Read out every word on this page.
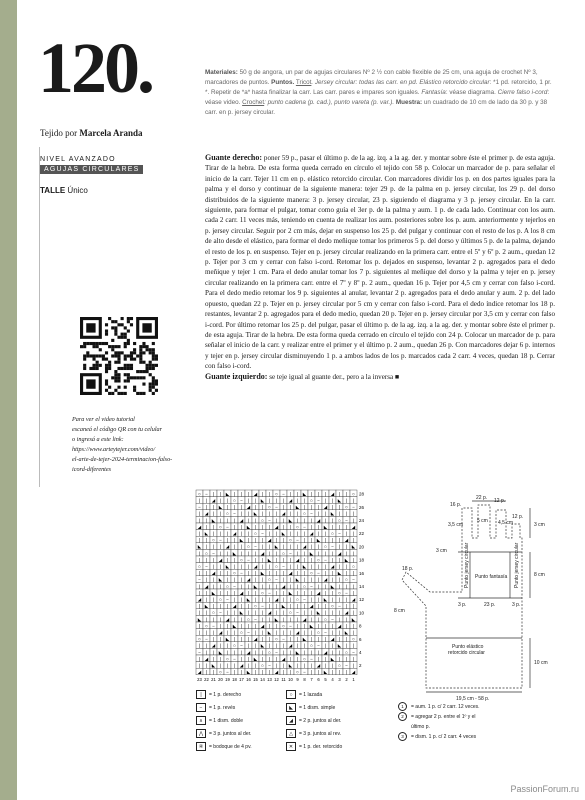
120.
Tejido por Marcela Aranda
NIVEL AVANZADO
AGUJAS CIRCULARES
TALLE Único
Materiales: 50 g de angora, un par de agujas circulares Nº 2 ½ con cable flexible de 25 cm, una aguja de crochet Nº 3, marcadores de puntos. Puntos. Tricot. Jersey circular: todas las carr. en pd. Elástico retorcido circular: *1 pd. retorcido, 1 pr. *. Repetir de *a* hasta finalizar la carr. Las carr. pares e impares son iguales. Fantasía: véase diagrama. Cierre falso i-cord: véase video. Crochet: punto cadena (p. cad.), punto vareta (p. var.). Muestra: un cuadrado de 10 cm de lado da 30 p. y 38 carr. en p. jersey circular.
Para ver el video tutorial
escaneá el código QR con tu celular
o ingresá a este link:
https://www.arteytejer.com/video/
el-arte-de-tejer-2024-terminacion-falso-
icord-diferentes
Guante derecho: poner 59 p., pasar el último p. de la ag. izq. a la ag. der. y montar sobre éste el primer p. de esta aguja. Tirar de la hebra. De esta forma queda cerrado en círculo el tejido con 58 p. Colocar un marcador de p. para señalar el inicio de la carr. Tejer 11 cm en p. elástico retorcido circular. Con marcadores dividir los p. en dos partes iguales para la palma y el dorso y continuar de la siguiente manera: tejer 29 p. de la palma en p. jersey circular, los 29 p. del dorso distribuidos de la siguiente manera: 3 p. jersey circular, 23 p. siguiendo el diagrama y 3 p. jersey circular. En la carr. siguiente, para formar el pulgar, tomar como guía el 3er p. de la palma y aum. 1 p. de cada lado. Continuar con los aum. cada 2 carr. 11 veces más, teniendo en cuenta de realizar los aum. posteriores sobre los p. aum. anteriormente y tejerlos en p. jersey circular. Seguir por 2 cm más, dejar en suspenso los 25 p. del pulgar y continuar con el resto de los p. A los 8 cm de alto desde el elástico, para formar el dedo meñique tomar los primeros 5 p. del dorso y últimos 5 p. de la palma, dejando el resto de los p. en suspenso. Tejer en p. jersey circular realizando en la primera carr. entre el 5º y 6º p. 2 aum., quedan 12 p. Tejer por 3 cm y cerrar con falso i-cord. Retomar los p. dejados en suspenso, levantar 2 p. agregados para el dedo meñique y tejer 1 cm. Para el dedo anular tomar los 7 p. siguientes al meñique del dorso y la palma y tejer en p. jersey circular realizando en la primera carr. entre el 7º y 8º p. 2 aum., quedan 16 p. Tejer por 4,5 cm y cerrar con falso i-cord. Para el dedo medio retomar los 9 p. siguientes al anular, levantar 2 p. agregados para el dedo anular y aum. 2 p. del lado opuesto, quedan 22 p. Tejer en p. jersey circular por 5 cm y cerrar con falso i-cord. Para el dedo índice retomar los 18 p. restantes, levantar 2 p. agregados para el dedo medio, quedan 20 p. Tejer en p. jersey circular por 3,5 cm y cerrar con falso i-cord. Por último retomar los 25 p. del pulgar, pasar el último p. de la ag. izq. a la ag. der. y montar sobre éste el primer p. de esta aguja. Tirar de la hebra. De esta forma queda cerrado en círculo el tejido con 24 p. Colocar un marcador de p. para señalar el inicio de la carr. y realizar entre el primer y el último p. 2 aum., quedan 26 p. Con marcadores dejar 6 p. internos y tejer en p. jersey circular disminuyendo 1 p. a ambos lados de los p. marcados cada 2 carr. 4 veces, quedan 18 p. Cerrar con falso i-cord.
Guante izquierdo: se teje igual al guante der., pero a la inversa ■
○ − | | ◣ | | | ◢ | | ○ − | | ◣ | | | ◢ | | ○
| | ◢ | | ○ − | | ◣ | | | ◢ | | ○ − | | ◣ | |
− | | ◣ | | | ◢ | | ○ − | | ◣ | | | ◢ | | ○ −
| ◢ | | ○ − | | ◣ | | | ◢ | | ○ − | | ◣ | | |
| | ◣ | | | ◢ | | ○ − | | ◣ | | | ◢ | | ○ − |
◢ | | ○ − | | ◣ | | | ◢ | | ○ − | | ◣ | | | ◢
| ◣ | | | ◢ | | ○ − | | ◣ | | | ◢ | | ○ − | |
| | ○ − | | ◣ | | | ◢ | | ○ − | | ◣ | | | ◢ |
◣ | | | ◢ | | ○ − | | ◣ | | | ◢ | | ○ − | | ◣
| ○ − | | ◣ | | | ◢ | | ○ − | | ◣ | | | ◢ | |
| | | ◢ | | ○ − | | ◣ | | | ◢ | | ○ − | | ◣ |
○ − | | ◣ | | | ◢ | | ○ − | | ◣ | | | ◢ | | ○
| | ◢ | | ○ − | | ◣ | | | ◢ | | ○ − | | ◣ | |
− | | ◣ | | | ◢ | | ○ − | | ◣ | | | ◢ | | ○ −
| ◢ | | ○ − | | ◣ | | | ◢ | | ○ − | | ◣ | | |
| | ◣ | | | ◢ | | ○ − | | ◣ | | | ◢ | | ○ − |
◢ | | ○ − | | ◣ | | | ◢ | | ○ − | | ◣ | | | ◢
| ◣ | | | ◢ | | ○ − | | ◣ | | | ◢ | | ○ − | |
| | ○ − | | ◣ | | | ◢ | | ○ − | | ◣ | | | ◢ |
◣ | | | ◢ | | ○ − | | ◣ | | | ◢ | | ○ − | | ◣
| ○ − | | ◣ | | | ◢ | | ○ − | | ◣ | | | ◢ | |
| | | ◢ | | ○ − | | ◣ | | | ◢ | | ○ − | | ◣ |
○ − | | ◣ | | | ◢ | | ○ − | | ◣ | | | ◢ | | ○
| | ◢ | | ○ − | | ◣ | | | ◢ | | ○ − | | ◣ | |
− | | ◣ | | | ◢ | | ○ − | | ◣ | | | ◢ | | ○ −
| ◢ | | ○ − | | ◣ | | | ◢ | | ○ − | | ◣ | | |
| | ◣ | | | ◢ | | ○ − | | ◣ | | | ◢ | | ○ − |
◢ | | ○ − | | ◣ | | | ◢ | | ○ − | | ◣ | | | ◢
28
26
24
22
20
18
16
14
12
10
8
6
4
2
23 22 21 20 19 18 17 16 15 14 13 12 11 10 9 8 7 6 5 4 3 2 1
|	= 1 p. derecho	○	= 1 lazada
−	= 1 p. revés	◣	= 1 dism. simple
∧	= 1 dism. doble	◢	= 2 p. juntos al der.
⋀	= 3 p. juntos al der.	△	= 3 p. juntos al rev.
④	= bodoque de 4 pv.	✕	= 1 p. der. retorcido
22 p. 12 p.
16 p.
12 p.
3 cm
3,5 cm
5 cm 4,5 cm
3 cm
18 p.
8 cm
8 cm
Punto fantasía
3 p.	23 p.	3 p.
Punto elástico
retorcido circular
10 cm
19,5 cm - 58 p.
Punto jersey circular	Punto jersey circular
1 = aum. 1 p. c/ 2 carr. 12 veces.
2 = agregar 2 p. entre el 1º y el
último p.
3 = dism. 1 p. c/ 2 carr. 4 veces
PassionForum.ru
